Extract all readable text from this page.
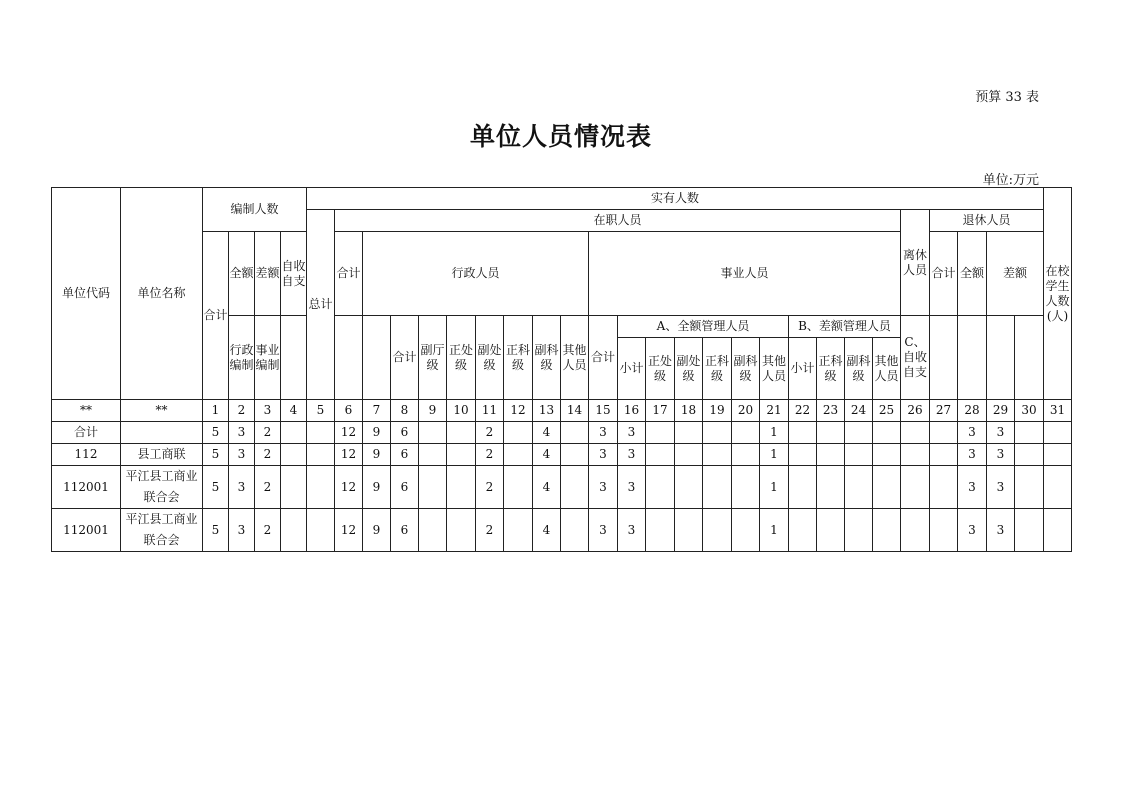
预算 33 表
单位人员情况表
单位:万元
单位代码	单位名称	编制人数				实有人数																										在校学生人数(人)
						总计	在职人员																				离休人员	退休人员				
		合计	全额	差额	自收自支		合计	行政人员								事业人员												合计	全额	差额		
			行政编制	事业编制					合计	副厅级	正处级	副处级	正科级	副科级	其他人员	合计	A、全额管理人员						B、差额管理人员				C、自收自支					
																	小计	正处级	副处级	正科级	副科级	其他人员	小计	正科级	副科级	其他人员						
**	**	1	2	3	4	5	6	7	8	9	10	11	12	13	14	15	16	17	18	19	20	21	22	23	24	25	26	27	28	29	30	31
合计		5	3	2			12	9	6			2		4		3	3					1							3	3		
112	县工商联	5	3	2			12	9	6			2		4		3	3					1							3	3		
112001	平江县工商业联合会	5	3	2			12	9	6			2		4		3	3					1							3	3		
112001	平江县工商业联合会	5	3	2			12	9	6			2		4		3	3					1							3	3		
